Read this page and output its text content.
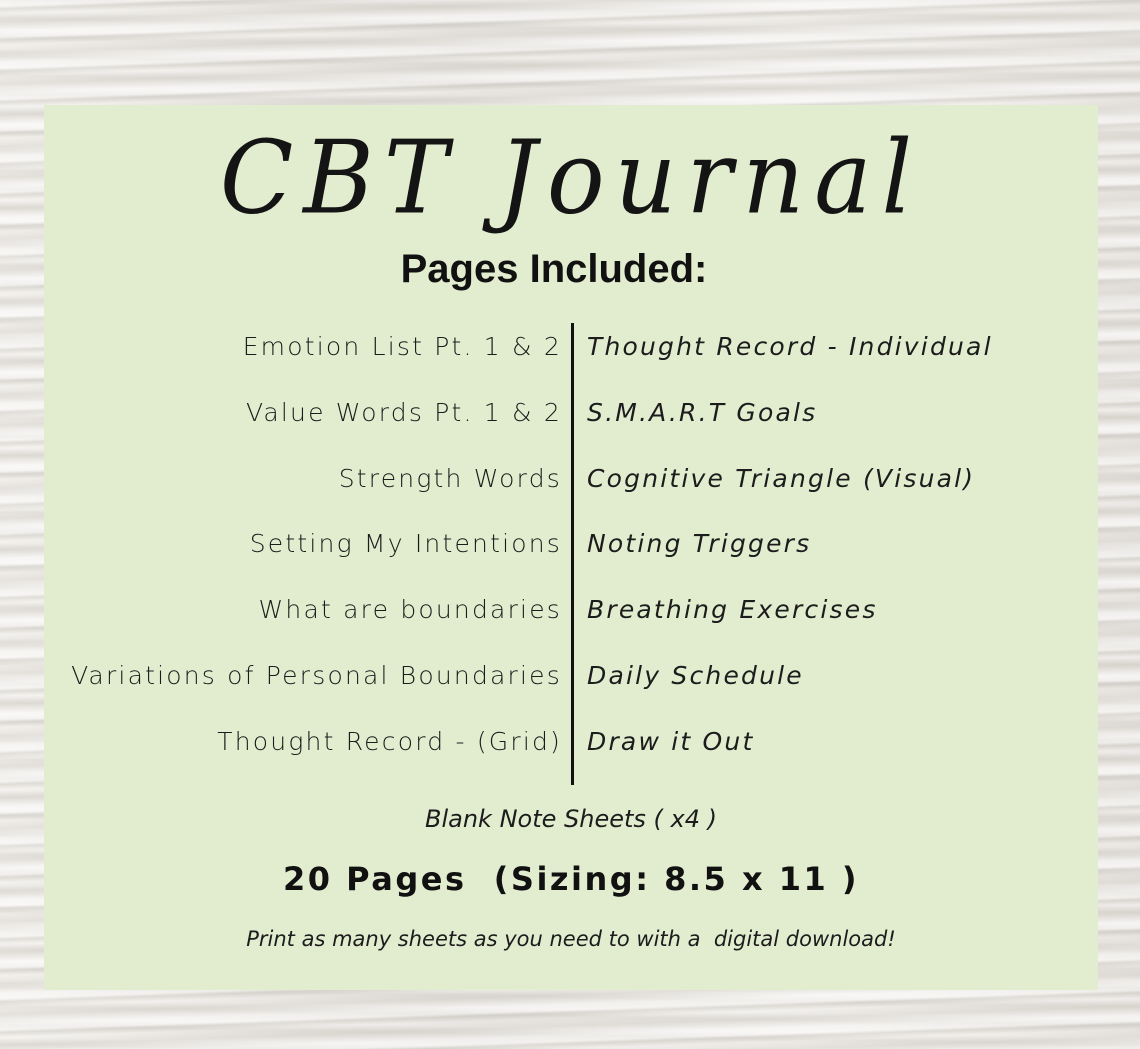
CBT Journal
Pages Included:
Emotion List Pt. 1 & 2
Value Words Pt. 1 & 2
Strength Words
Setting My Intentions
What are boundaries
Variations of Personal Boundaries
Thought Record - (Grid)
Thought Record - Individual
S.M.A.R.T Goals
Cognitive Triangle (Visual)
Noting Triggers
Breathing Exercises
Daily Schedule
Draw it Out
Blank Note Sheets ( x4 )
20 Pages  (Sizing: 8.5 x 11 )
Print as many sheets as you need to with a  digital download!
